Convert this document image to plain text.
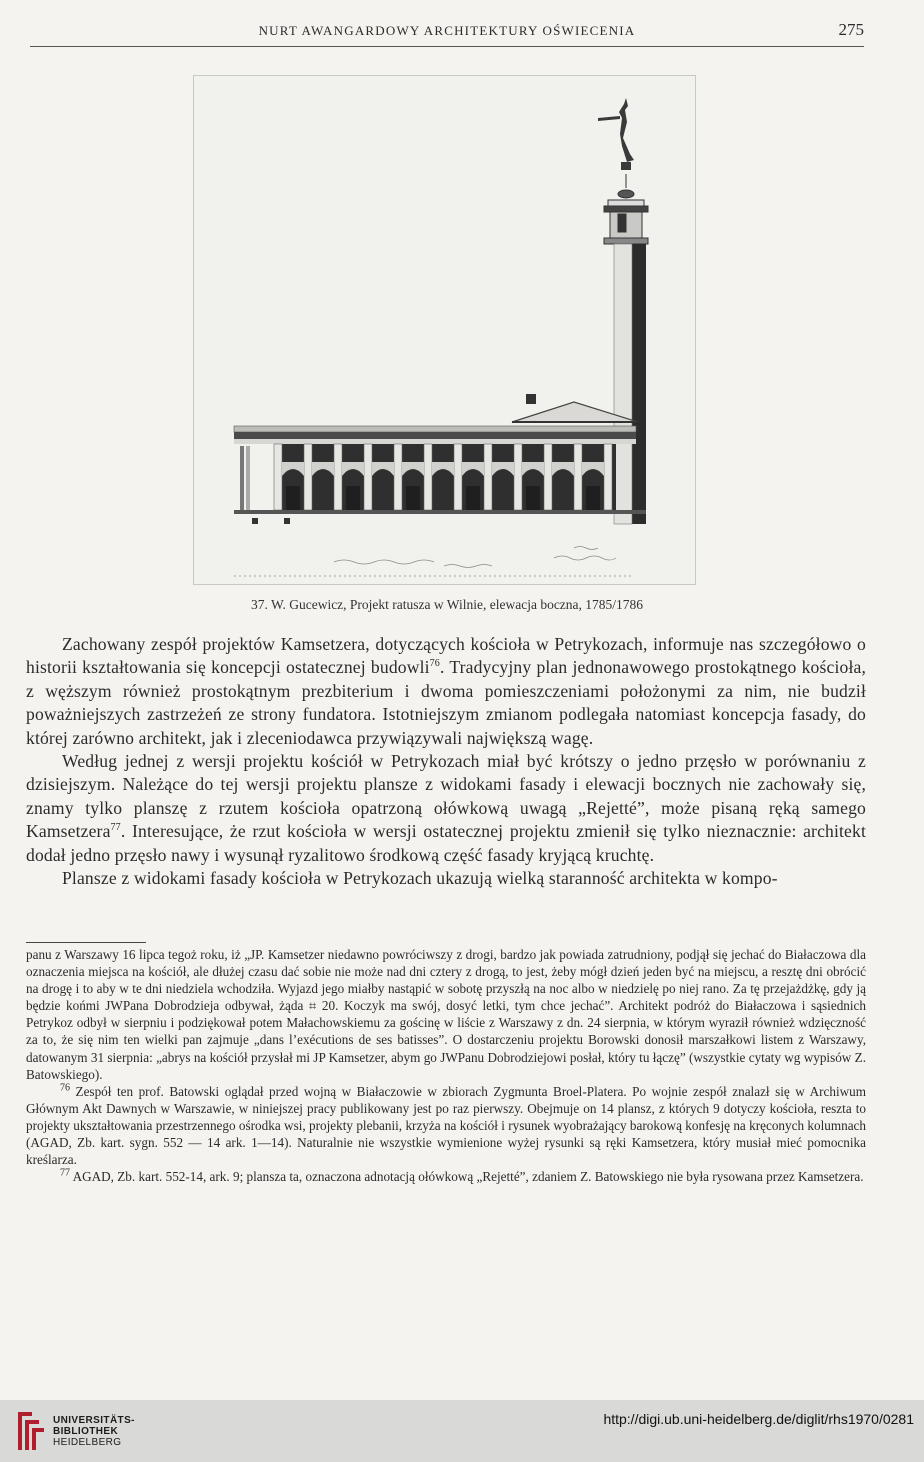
NURT AWANGARDOWY ARCHITEKTURY OŚWIECENIA	275
37. W. Gucewicz, Projekt ratusza w Wilnie, elewacja boczna, 1785/1786

Zachowany zespół projektów Kamsetzera, dotyczących kościoła w Petrykozach, informuje nas szczegółowo o historii kształtowania się koncepcji ostatecznej budowli$^{76}$. Tradycyjny plan jednonawowego prostokątnego kościoła, z węższym również prostokątnym prezbiterium i dwoma pomieszczeniami położonymi za nim, nie budził poważniejszych zastrzeżeń ze strony fundatora. Istotniejszym zmianom podlegała natomiast koncepcja fasady, do której zarówno architekt, jak i zleceniodawca przywiązywali największą wagę.

Według jednej z wersji projektu kościół w Petrykozach miał być krótszy o jedno przęsło w porównaniu z dzisiejszym. Należące do tej wersji projektu plansze z widokami fasady i elewacji bocznych nie zachowały się, znamy tylko planszę z rzutem kościoła opatrzoną ołówkową uwagą „Rejetté”, może pisaną ręką samego Kamsetzera$^{77}$. Interesujące, że rzut kościoła w wersji ostatecznej projektu zmienił się tylko nieznacznie: architekt dodał jedno przęsło nawy i wysunął ryzalitowo środkową część fasady kryjącą kruchtę.

Plansze z widokami fasady kościoła w Petrykozach ukazują wielką staranność architekta w kompo-

panu z Warszawy 16 lipca tegoż roku, iż „JP. Kamsetzer niedawno powróciwszy z drogi, bardzo jak powiada zatrudniony, podjął się jechać do Białaczowa dla oznaczenia miejsca na kościół, ale dłużej czasu dać sobie nie może nad dni cztery z drogą, to jest, żeby mógł dzień jeden być na miejscu, a resztę dni obrócić na drogę i to aby w te dni niedziela wchodziła. Wyjazd jego miałby nastąpić w sobotę przyszłą na noc albo w niedzielę po niej rano. Za tę przejażdżkę, gdy ją będzie końmi JWPana Dobrodzieja odbywał, żąda ⌗ 20. Koczyk ma swój, dosyć letki, tym chce jechać”. Architekt podróż do Białaczowa i sąsiednich Petrykoz odbył w sierpniu i podziękował potem Małachowskiemu za gościnę w liście z Warszawy z dn. 24 sierpnia, w którym wyraził również wdzięczność za to, że się nim ten wielki pan zajmuje „dans l’exécutions de ses batisses”. O dostarczeniu projektu Borowski donosił marszałkowi listem z Warszawy, datowanym 31 sierpnia: „abrys na kościół przysłał mi JP Kamsetzer, abym go JWPanu Dobrodziejowi posłał, który tu łączę” (wszystkie cytaty wg wypisów Z. Batowskiego).

$^{76}$ Zespół ten prof. Batowski oglądał przed wojną w Białaczowie w zbiorach Zygmunta Broel-Platera. Po wojnie zespół znalazł się w Archiwum Głównym Akt Dawnych w Warszawie, w niniejszej pracy publikowany jest po raz pierwszy. Obejmuje on 14 plansz, z których 9 dotyczy kościoła, reszta to projekty ukształtowania przestrzennego ośrodka wsi, projekty plebanii, krzyża na kościół i rysunek wyobrażający barokową konfesję na kręconych kolumnach (AGAD, Zb. kart. sygn. 552 — 14 ark. 1—14). Naturalnie nie wszystkie wymienione wyżej rysunki są ręki Kamsetzera, który musiał mieć pomocnika kreślarza.

$^{77}$ AGAD, Zb. kart. 552-14, ark. 9; plansza ta, oznaczona adnotacją ołówkową „Rejetté”, zdaniem Z. Batowskiego nie była rysowana przez Kamsetzera.

UNIVERSITÄTS-
BIBLIOTHEK
HEIDELBERG
http://digi.ub.uni-heidelberg.de/diglit/rhs1970/0281
